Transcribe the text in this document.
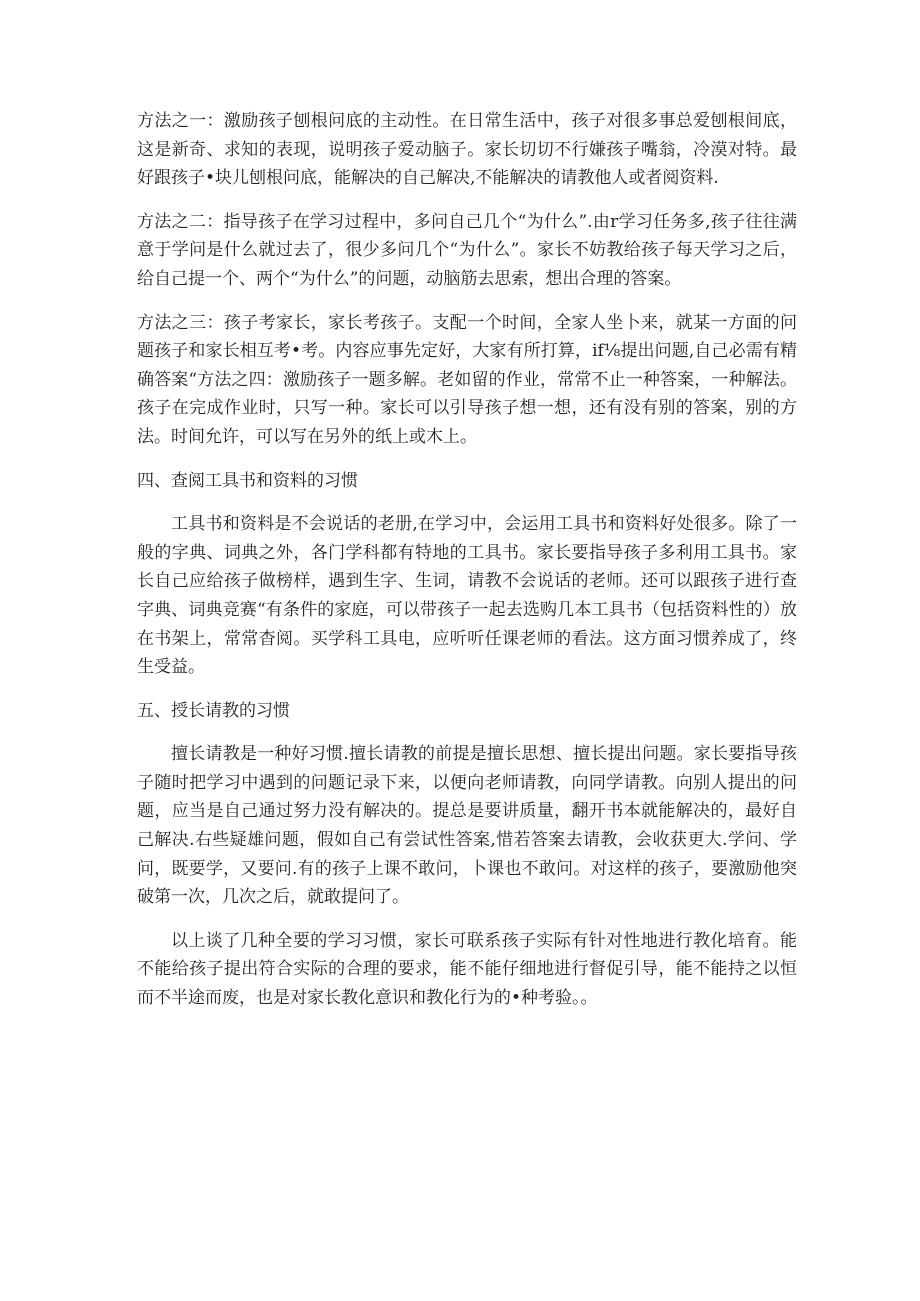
方法之一：激励孩子刨根问底的主动性。在日常生活中，孩子对很多事总爱刨根间底，这是新奇、求知的表现，说明孩子爱动脑子。家长切切不行嫌孩子嘴翁，冷漠对特。最好跟孩子•块儿刨根问底，能解决的自己解决,不能解决的请教他人或者阅资料.

方法之二：指导孩子在学习过程中，多问自己几个“为什么”.由r学习任务多,孩子往往满意于学问是什么就过去了，很少多问几个“为什么”。家长不妨教给孩子每天学习之后，给自己提一个、两个“为什么”的问题，动脑筋去思索，想出合理的答案。

方法之三：孩子考家长，家长考孩子。支配一个时间，全家人坐卜来，就某一方面的问题孩子和家长相互考•考。内容应事先定好，大家有所打算，if⅛提出问题,自己必需有精确答案“方法之四：激励孩子一题多解。老如留的作业，常常不止一种答案，一种解法。孩子在完成作业时，只写一种。家长可以引导孩子想一想，还有没有别的答案，别的方法。时间允许，可以写在另外的纸上或木上。

四、查阅工具书和资料的习惯

工具书和资料是不会说话的老册,在学习中，会运用工具书和资料好处很多。除了一般的字典、词典之外，各门学科都有特地的工具书。家长要指导孩子多利用工具书。家长自己应给孩子做榜样，遇到生字、生词，请教不会说话的老师。还可以跟孩子进行查字典、词典竞赛“有条件的家庭，可以带孩子一起去选购几本工具书（包括资料性的）放在书架上，常常杳阅。买学科工具电，应听听任课老师的看法。这方面习惯养成了，终生受益。

五、授长请教的习惯

擅长请教是一种好习惯.擅长请教的前提是擅长思想、擅长提出问题。家长要指导孩子随时把学习中遇到的问题记录下来，以便向老师请教，向同学请教。向别人提出的问题，应当是自己通过努力没有解决的。提总是要讲质量，翻开书本就能解决的，最好自己解决.右些疑雄问题，假如自己有尝试性答案,惜若答案去请教，会收获更大.学问、学问，既要学，又要问.有的孩子上课不敢问，卜课也不敢问。对这样的孩子，要激励他突破第一次，几次之后，就敢提问了。

以上谈了几种全要的学习习惯，家长可联系孩子实际有针对性地进行教化培育。能不能给孩子提出符合实际的合理的要求，能不能仔细地进行督促引导，能不能持之以恒而不半途而废，也是对家长教化意识和教化行为的•种考验。。
